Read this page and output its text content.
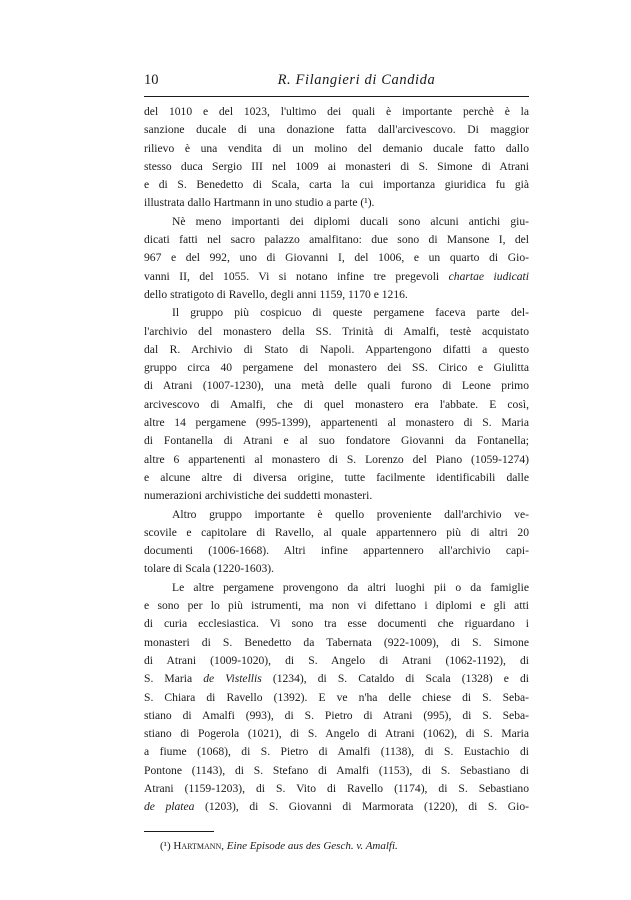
10	R. Filangieri di Candida

del 1010 e del 1023, l'ultimo dei quali è importante perchè è la
sanzione ducale di una donazione fatta dall'arcivescovo. Di maggior
rilievo è una vendita di un molino del demanio ducale fatto dallo
stesso duca Sergio III nel 1009 ai monasteri di S. Simone di Atrani
e di S. Benedetto di Scala, carta la cui importanza giuridica fu già
illustrata dallo Hartmann in uno studio a parte (¹).

Nè meno importanti dei diplomi ducali sono alcuni antichi giu-
dicati fatti nel sacro palazzo amalfitano: due sono di Mansone I, del
967 e del 992, uno di Giovanni I, del 1006, e un quarto di Gio-
vanni II, del 1055. Vi si notano infine tre pregevoli chartae iudicati
dello stratigoto di Ravello, degli anni 1159, 1170 e 1216.

Il gruppo più cospicuo di queste pergamene faceva parte del-
l'archivio del monastero della SS. Trinità di Amalfi, testè acquistato
dal R. Archivio di Stato di Napoli. Appartengono difatti a questo
gruppo circa 40 pergamene del monastero dei SS. Cirico e Giulitta
di Atrani (1007-1230), una metà delle quali furono di Leone primo
arcivescovo di Amalfi, che di quel monastero era l'abbate. E così,
altre 14 pergamene (995-1399), appartenenti al monastero di S. Maria
di Fontanella di Atrani e al suo fondatore Giovanni da Fontanella;
altre 6 appartenenti al monastero di S. Lorenzo del Piano (1059-1274)
e alcune altre di diversa origine, tutte facilmente identificabili dalle
numerazioni archivistiche dei suddetti monasteri.

Altro gruppo importante è quello proveniente dall'archivio ve-
scovile e capitolare di Ravello, al quale appartennero più di altri 20
documenti (1006-1668). Altri infine appartennero all'archivio capi-
tolare di Scala (1220-1603).

Le altre pergamene provengono da altri luoghi pii o da famiglie
e sono per lo più istrumenti, ma non vi difettano i diplomi e gli atti
di curia ecclesiastica. Vi sono tra esse documenti che riguardano i
monasteri di S. Benedetto da Tabernata (922-1009), di S. Simone
di Atrani (1009-1020), di S. Angelo di Atrani (1062-1192), di
S. Maria de Vistellis (1234), di S. Cataldo di Scala (1328) e di
S. Chiara di Ravello (1392). E ve n'ha delle chiese di S. Seba-
stiano di Amalfi (993), di S. Pietro di Atrani (995), di S. Seba-
stiano di Pogerola (1021), di S. Angelo di Atrani (1062), di S. Maria
a fiume (1068), di S. Pietro di Amalfi (1138), di S. Eustachio di
Pontone (1143), di S. Stefano di Amalfi (1153), di S. Sebastiano di
Atrani (1159-1203), di S. Vito di Ravello (1174), di S. Sebastiano
de platea (1203), di S. Giovanni di Marmorata (1220), di S. Gio-

(¹) Hartmann, Eine Episode aus des Gesch. v. Amalfi.
